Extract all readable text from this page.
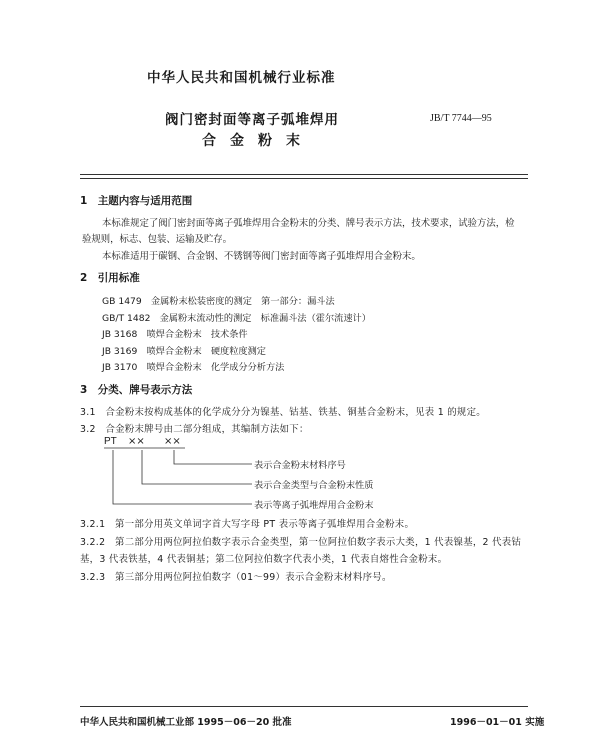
中华人民共和国机械行业标准
阀门密封面等离子弧堆焊用
合金粉末
JB/T 7744—95
1　主题内容与适用范围
本标准规定了阀门密封面等离子弧堆焊用合金粉末的分类、牌号表示方法，技术要求，试验方法，检
验规则，标志、包装、运输及贮存。
本标准适用于碳钢、合金钢、不锈钢等阀门密封面等离子弧堆焊用合金粉末。
2　引用标准
GB 1479　金属粉末松装密度的测定　第一部分：漏斗法
GB/T 1482　金属粉末流动性的测定　标准漏斗法（霍尔流速计）
JB 3168　喷焊合金粉末　技术条件
JB 3169　喷焊合金粉末　硬度粒度测定
JB 3170　喷焊合金粉末　化学成分分析方法
3　分类、牌号表示方法
3.1　合金粉末按构成基体的化学成分分为镍基、钴基、铁基、铜基合金粉末，见表 1 的规定。
3.2　合金粉末牌号由二部分组成，其编制方法如下：
PT ×× ××
表示合金粉末材料序号
表示合金类型与合金粉末性质
表示等离子弧堆焊用合金粉末
3.2.1　第一部分用英文单词字首大写字母 PT 表示等离子弧堆焊用合金粉末。
3.2.2　第二部分用两位阿拉伯数字表示合金类型，第一位阿拉伯数字表示大类，1 代表镍基，2 代表钴
基，3 代表铁基，4 代表铜基；第二位阿拉伯数字代表小类，1 代表自熔性合金粉末。
3.2.3　第三部分用两位阿拉伯数字（01～99）表示合金粉末材料序号。
中华人民共和国机械工业部 1995－06－20 批准	1996－01－01 实施
